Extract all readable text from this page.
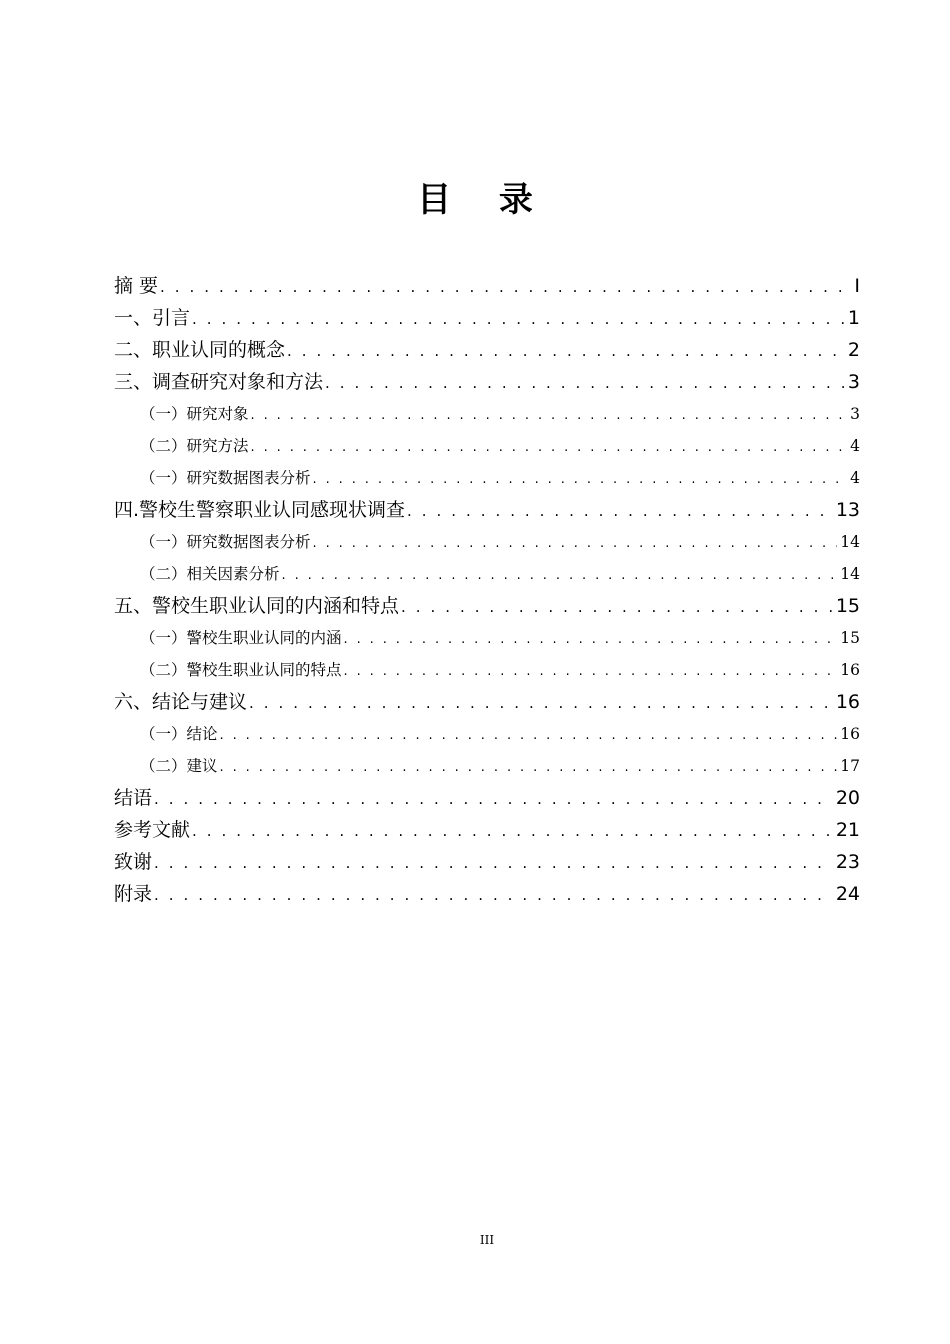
目 录
摘 要 . . .	I
一、引言 . . .	1
二、职业认同的概念 . . .	2
三、调查研究对象和方法 . . .	3
（一）研究对象 . . .	3
（二）研究方法 . . .	4
（一）研究数据图表分析 . . .	4
四.警校生警察职业认同感现状调查 . . .	13
（一）研究数据图表分析 . . .	14
（二）相关因素分析 . . .	14
五、警校生职业认同的内涵和特点 . . .	15
（一）警校生职业认同的内涵 . . .	15
（二）警校生职业认同的特点 . . .	16
六、结论与建议 . . .	16
（一）结论 . . .	16
（二）建议 . . .	17
结语 . . .	20
参考文献 . . .	21
致谢 . . .	23
附录 . . .	24
III
